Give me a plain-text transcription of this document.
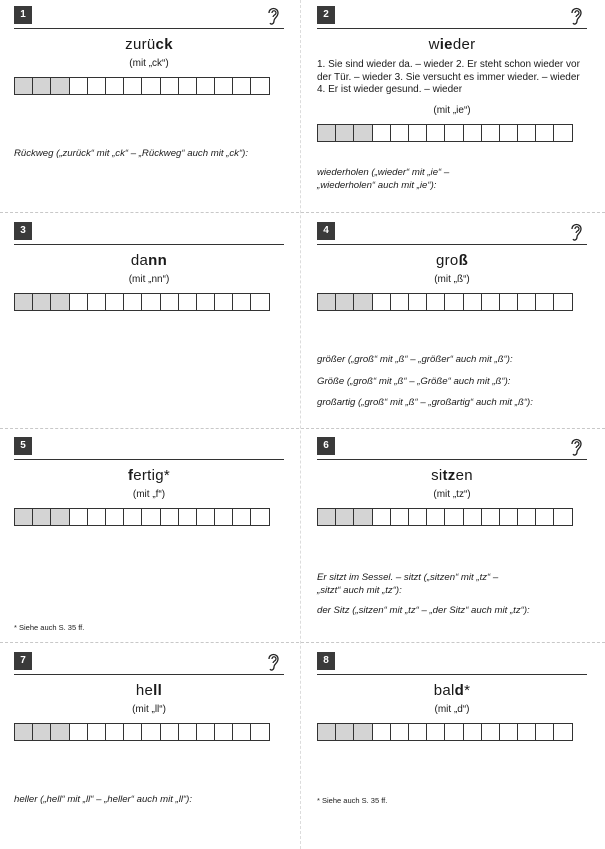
1
zurück
(mit „ck“)
Rückweg („zurück“ mit „ck“ – „Rückweg“ auch mit „ck“):
2
wieder
1. Sie sind wieder da. – wieder 2. Er steht schon wieder vor der Tür. – wieder 3. Sie versucht es immer wieder. – wieder 4. Er ist wieder gesund. – wieder
(mit „ie“)
wiederholen („wieder“ mit „ie“ –
„wiederholen“ auch mit „ie“):
3
dann
(mit „nn“)
4
groß
(mit „ß“)
größer („groß“ mit „ß“ – „größer“ auch mit „ß“):
Größe („groß“ mit „ß“ – „Größe“ auch mit „ß“):
großartig („groß“ mit „ß“ – „großartig“ auch mit „ß“):
5
fertig*
(mit „f“)
* Siehe auch S. 35 ff.
6
sitzen
(mit „tz“)
Er sitzt im Sessel. – sitzt („sitzen“ mit „tz“ –
„sitzt“ auch mit „tz“):
der Sitz („sitzen“ mit „tz“ – „der Sitz“ auch mit „tz“):
7
hell
(mit „ll“)
heller („hell“ mit „ll“ – „heller“ auch mit „ll“):
8
bald*
(mit „d“)
* Siehe auch S. 35 ff.
